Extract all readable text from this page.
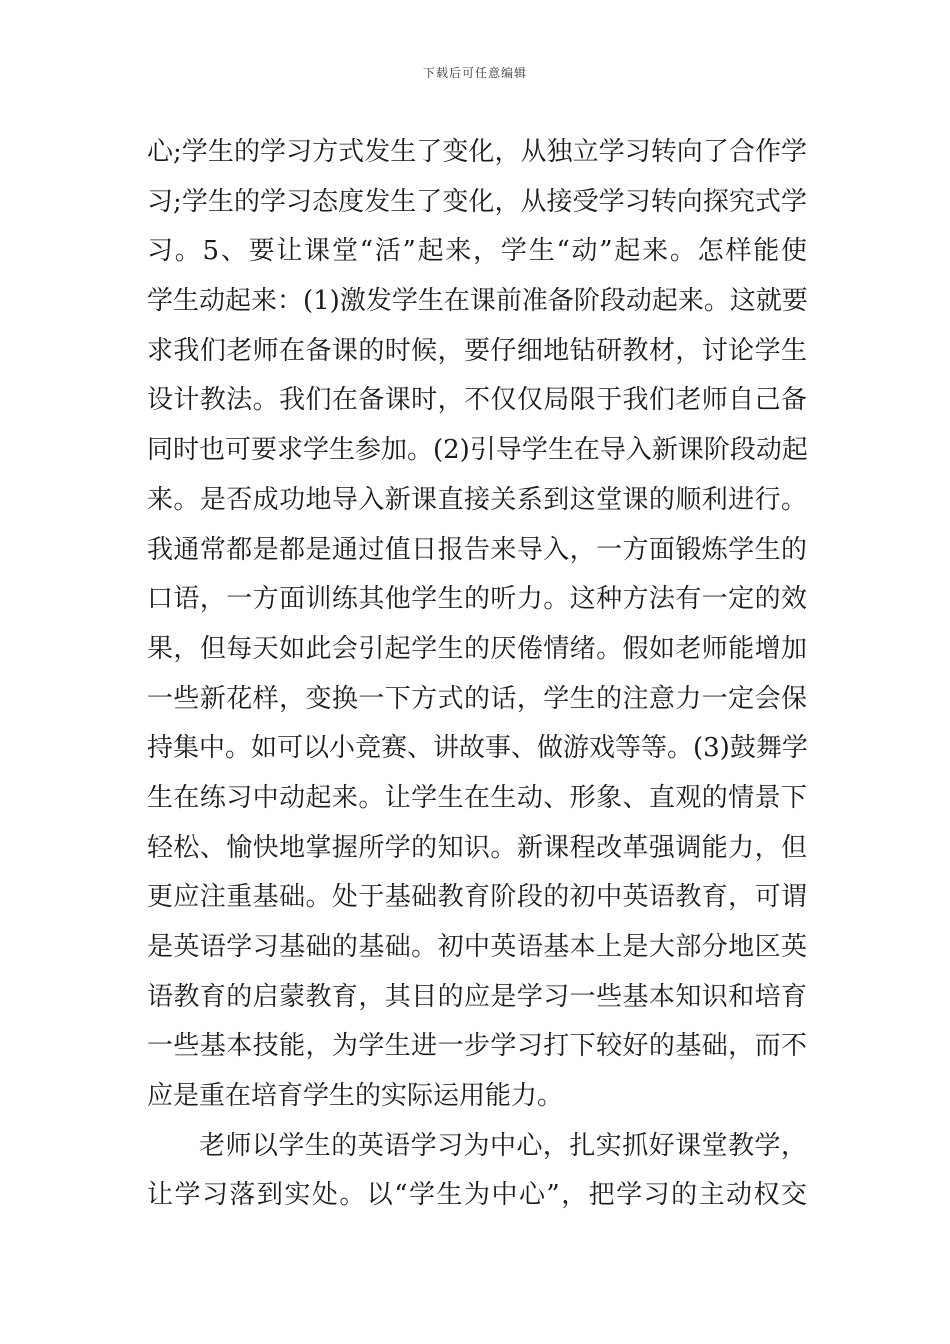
下载后可任意编辑
心;学生的学习方式发生了变化，从独立学习转向了合作学
习;学生的学习态度发生了变化，从接受学习转向探究式学
习。5、要让课堂“活”起来，学生“动”起来。怎样能使
学生动起来：(1)激发学生在课前准备阶段动起来。这就要
求我们老师在备课的时候，要仔细地钻研教材，讨论学生
设计教法。我们在备课时，不仅仅局限于我们老师自己备
同时也可要求学生参加。(2)引导学生在导入新课阶段动起
来。是否成功地导入新课直接关系到这堂课的顺利进行。
我通常都是都是通过值日报告来导入，一方面锻炼学生的
口语，一方面训练其他学生的听力。这种方法有一定的效
果，但每天如此会引起学生的厌倦情绪。假如老师能增加
一些新花样，变换一下方式的话，学生的注意力一定会保
持集中。如可以小竞赛、讲故事、做游戏等等。(3)鼓舞学
生在练习中动起来。让学生在生动、形象、直观的情景下
轻松、愉快地掌握所学的知识。新课程改革强调能力，但
更应注重基础。处于基础教育阶段的初中英语教育，可谓
是英语学习基础的基础。初中英语基本上是大部分地区英
语教育的启蒙教育，其目的应是学习一些基本知识和培育
一些基本技能，为学生进一步学习打下较好的基础，而不
应是重在培育学生的实际运用能力。
老师以学生的英语学习为中心，扎实抓好课堂教学，
让学习落到实处。以“学生为中心”，把学习的主动权交
